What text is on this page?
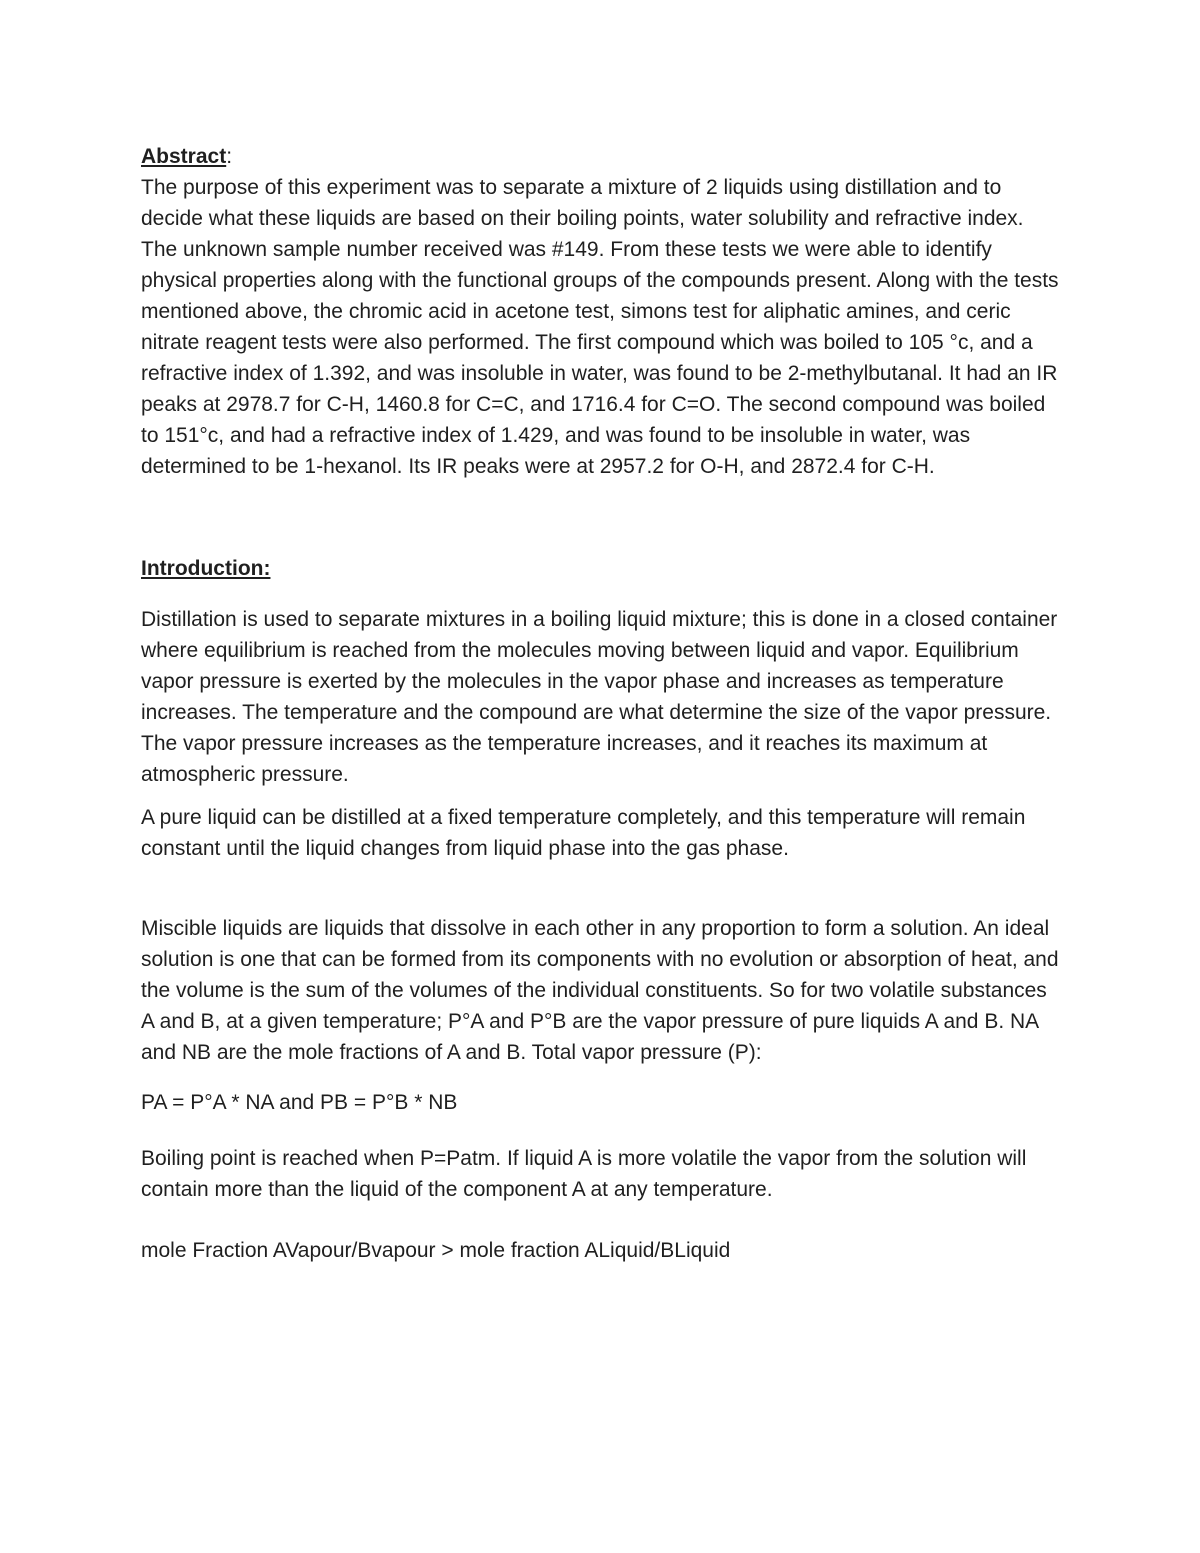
Abstract:

The purpose of this experiment was to separate a mixture of 2 liquids using distillation and to decide what these liquids are based on their boiling points, water solubility and refractive index. The unknown sample number received was #149. From these tests we were able to identify physical properties along with the functional groups of the compounds present. Along with the tests mentioned above, the chromic acid in acetone test, simons test for aliphatic amines, and ceric nitrate reagent tests were also performed. The first compound which was boiled to 105 °c, and a refractive index of 1.392, and was insoluble in water, was found to be 2-methylbutanal. It had an IR peaks at 2978.7 for C-H, 1460.8 for C=C, and 1716.4 for C=O. The second compound was boiled to 151°c, and had a refractive index of 1.429, and was found to be insoluble in water, was determined to be 1-hexanol. Its IR peaks were at 2957.2 for O-H, and 2872.4 for C-H.

Introduction:

Distillation is used to separate mixtures in a boiling liquid mixture; this is done in a closed container where equilibrium is reached from the molecules moving between liquid and vapor. Equilibrium vapor pressure is exerted by the molecules in the vapor phase and increases as temperature increases. The temperature and the compound are what determine the size of the vapor pressure. The vapor pressure increases as the temperature increases, and it reaches its maximum at atmospheric pressure.

A pure liquid can be distilled at a fixed temperature completely, and this temperature will remain constant until the liquid changes from liquid phase into the gas phase.

Miscible liquids are liquids that dissolve in each other in any proportion to form a solution. An ideal solution is one that can be formed from its components with no evolution or absorption of heat, and the volume is the sum of the volumes of the individual constituents. So for two volatile substances A and B, at a given temperature; P°A and P°B are the vapor pressure of pure liquids A and B. NA and NB are the mole fractions of A and B. Total vapor pressure (P):

PA = P°A * NA and PB = P°B * NB

Boiling point is reached when P=Patm. If liquid A is more volatile the vapor from the solution will contain more than the liquid of the component A at any temperature.

mole Fraction AVapour/Bvapour > mole fraction ALiquid/BLiquid
